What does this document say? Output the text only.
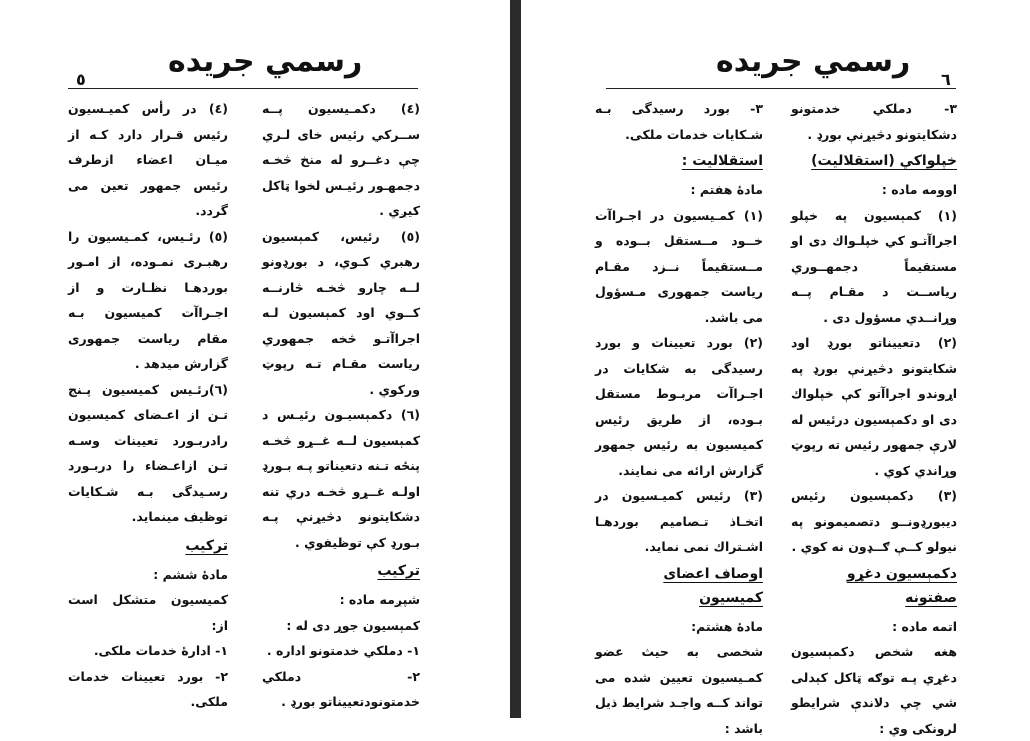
رسمي جريده
٥

(٤) دكمـيسيون پــه ســركي رئيس خاى لـري چې دغــرو له منخ څخـه دجمهـور رئيـس لخوا ټاكل كيږي .

(٥) رئيس، كمېسيون رهبري كـوي، د بورډونو لــه چارو څخـه څارنــه كــوي اود كمېسيون لـه اجراآتـو څخه جمهوري رياست مقـام تـه رپوټ وركوي .

(٦) دكمېسيـون رئيـس د كمېسيون لــه غــړو څخـه پنځه تـنه دتعيناتو پـه بـورډ اولـه غــړو څخـه دري تنه دشكايتونو دڅيړنې پـه بـورډ كې توظيفوي .

تركيب

شپږمه ماده :

كمېسيون جوړ دى له :

١- دملكي خدمتونو اداره .

٢- دملكي خدمتونودتعييناتو بورډ .

(٤) در رأس كميـسيون رئيس قـرار دارد كـه از ميـان اعضاء ازطرف رئيس جمهور تعين مى گردد.

(٥) رئـيس، كمـيسيون را رهبـرى نمـوده، از امـور بوردهـا نظـارت و از اجـراآت كميسيون بـه مقام رياست جمهورى گزارش ميدهد .

(٦)رئـيس كميسيون پـنج تـن از اعـضاى كميسيون رادربـورد تعيينات وسـه تـن ازاعـضاء را دربـورد رسـيدگى بـه شـكايات توظيف مينمايد.

تركيب

مادهٔ ششم :

كميسيون متشكل است از:

١- ادارهٔ خدمات ملكى.

٢- بورد تعيينات خدمات ملكى.

رسمي جريده
٦

٣- دملكي خدمتونو دشكايتونو دڅيړنې بورډ .

خپلواكي (استقلاليت)

اوومه ماده :

(١) كمېسيون په خپلو اجراآتـو كي خپلـواك دى او مستقيماً دجمهــوري رياســت د مقـام پــه وړانــدي مسؤول دى .

(٢) دتعييناتو بورډ اود شكايتونو دڅيړنې بورډ په اړوندو اجراآتو كې خپلواك دى او دكمېسيون درئيس له لارې جمهور رئيس ته رپوټ وړاندي كوي .

(٣) دكمېسيون رئيس ديبورډونــو دتصميمونو په نيولو كــې ګــډون نه كوي .

دكمېسيون دغړو صفتونه

اتمه ماده :

هغه شخص دكمېسيون دغړي پـه توګه ټاكل كېدلى شي چې دلاندې شرايطو لرونكى وي :

٣- بورد رسيدگى بـه شـكايات خدمات ملكى.

استقلاليت :

مادهٔ هفتم :

(١) كمـيسيون در اجـراآت خــود مــستقل بــوده و مــستقيماً نــزد مقـام رياست جمهورى مـسؤول مى باشد.

(٢) بورد تعيينات و بورد رسيدگى به شكايات در اجـراآت مربـوط مستقل بـوده، از طريق رئيس كميسيون به رئيس جمهور گزارش ارائه مى نمايند.

(٣) رئيس كميـسيون در اتخـاذ تـصاميم بوردهـا اشـتراك نمى نمايد.

اوصاف اعضاى كميسيون

مادهٔ هشتم:

شخصى به حيث عضو كمـيسيون تعيين شده مى تواند كــه واجـد شرايط ذيل باشد :
